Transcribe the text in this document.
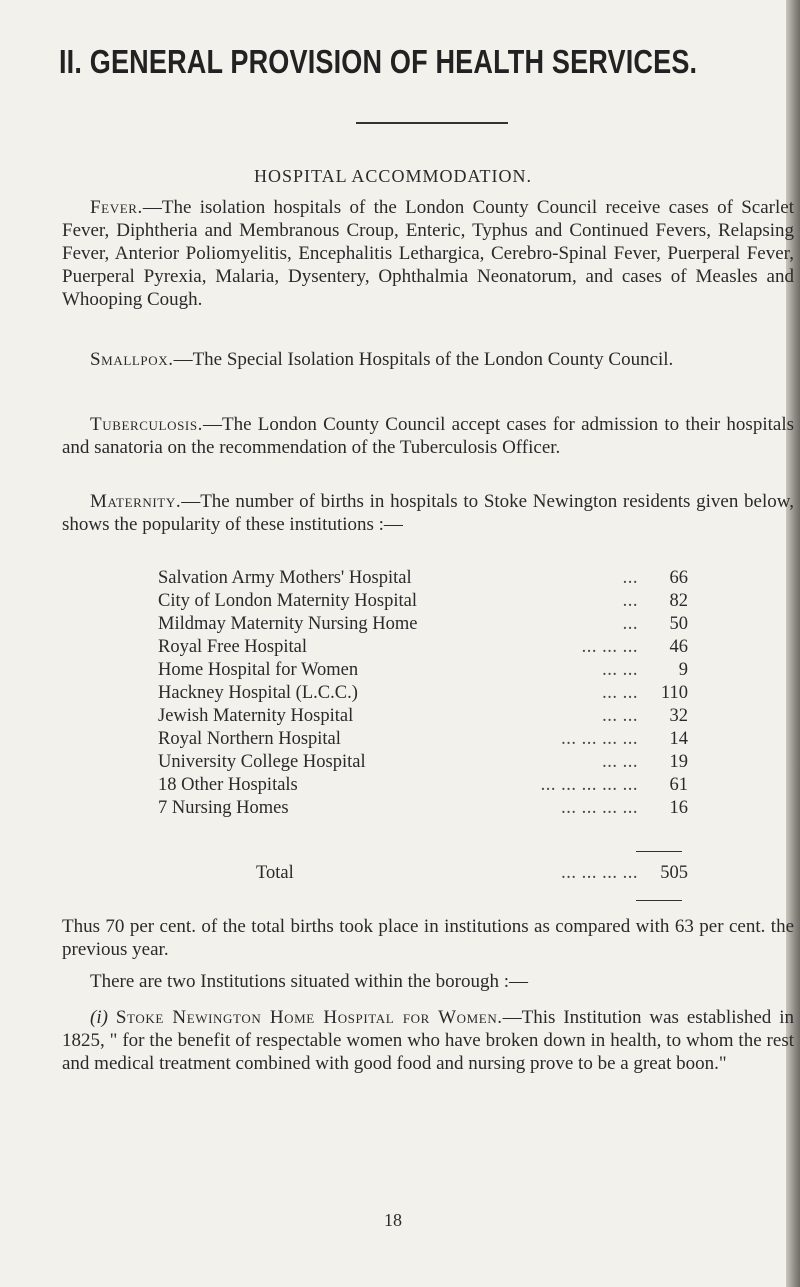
II. GENERAL PROVISION OF HEALTH SERVICES.
HOSPITAL ACCOMMODATION.
Fever.—The isolation hospitals of the London County Council receive cases of Scarlet Fever, Diphtheria and Membranous Croup, Enteric, Typhus and Continued Fevers, Relapsing Fever, Anterior Poliomyelitis, Encephalitis Lethargica, Cerebro-Spinal Fever, Puerperal Fever, Puerperal Pyrexia, Malaria, Dysentery, Ophthalmia Neonatorum, and cases of Measles and Whooping Cough.
Smallpox.—The Special Isolation Hospitals of the London County Council.
Tuberculosis.—The London County Council accept cases for admission to their hospitals and sanatoria on the recommendation of the Tuberculosis Officer.
Maternity.—The number of births in hospitals to Stoke Newington residents given below, shows the popularity of these institutions :—
...
Salvation Army Mothers' Hospital	66
...
City of London Maternity Hospital	82
...
Mildmay Maternity Nursing Home	50
... ... ...
Royal Free Hospital	46
... ...
Home Hospital for Women	9
... ...
Hackney Hospital (L.C.C.)	110
... ...
Jewish Maternity Hospital	32
... ... ... ...
Royal Northern Hospital	14
... ...
University College Hospital	19
... ... ... ... ...
18 Other Hospitals	61
... ... ... ...
7 Nursing Homes	16
... ... ... ...
Total	505
Thus 70 per cent. of the total births took place in institutions as compared with 63 per cent. the previous year.
There are two Institutions situated within the borough :—
(i) Stoke Newington Home Hospital for Women.—This Institution was established in 1825, " for the benefit of respectable women who have broken down in health, to whom the rest and medical treatment combined with good food and nursing prove to be a great boon."
18
